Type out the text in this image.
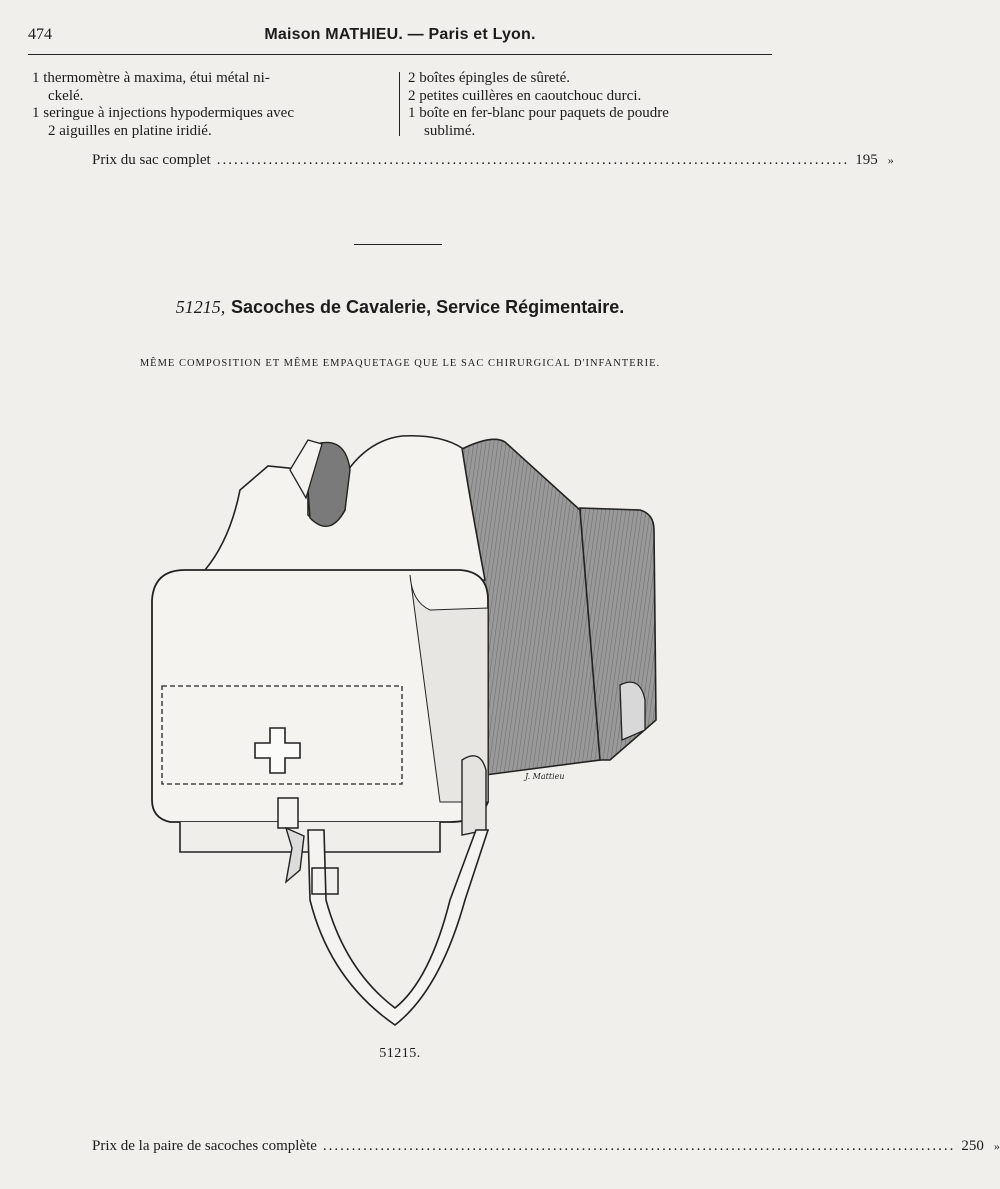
474	Maison MATHIEU. — Paris et Lyon.

1 thermomètre à maxima, étui métal ni-
ckelé.

1 seringue à injections hypodermiques avec
2 aiguilles en platine iridié.

2 boîtes épingles de sûreté.

2 petites cuillères en caoutchouc durci.

1 boîte en fer-blanc pour paquets de poudre
sublimé.

Prix du sac complet .............................................................................................................. 195 »
51215, Sacoches de Cavalerie, Service Régimentaire.
MÊME COMPOSITION ET MÊME EMPAQUETAGE QUE LE SAC CHIRURGICAL D'INFANTERIE.
J. Mattieu
51215.
Prix de la paire de sacoches complète .............................................................................................................. 250 »
